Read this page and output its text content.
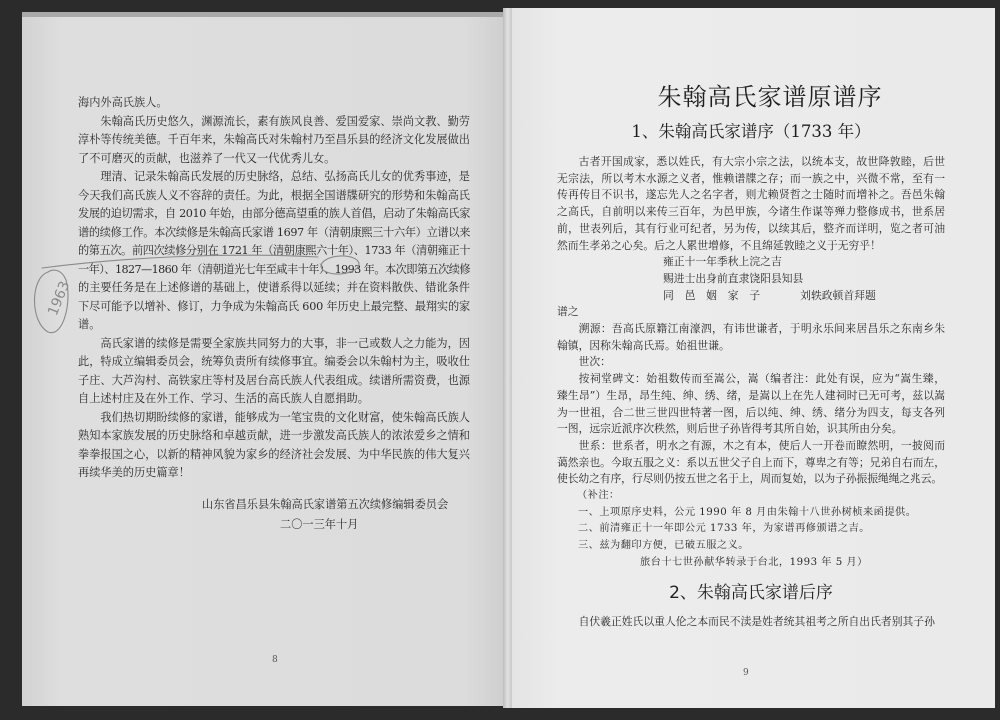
海内外高氏族人。
朱翰高氏历史悠久，渊源流长，素有族风良善、爱国爱家、崇尚文教、勤劳
淳朴等传统美德。千百年来，朱翰高氏对朱翰村乃至昌乐县的经济文化发展做出
了不可磨灭的贡献，也滋养了一代又一代优秀儿女。
理清、记录朱翰高氏发展的历史脉络，总结、弘扬高氏儿女的优秀事迹，是
今天我们高氏族人义不容辞的责任。为此，根据全国谱牒研究的形势和朱翰高氏
发展的迫切需求，自 2010 年始，由部分德高望重的族人首倡，启动了朱翰高氏家
谱的续修工作。本次续修是朱翰高氏家谱 1697 年（清朝康熙三十六年）立谱以来
的第五次。前四次续修分别在 1721 年（清朝康熙六十年）、1733 年（清朝雍正十
一年）、1827—1860 年（清朝道光七年至咸丰十年）、1993 年。本次即第五次续修
的主要任务是在上述修谱的基础上，使谱系得以延续；并在资料散佚、错讹条件
下尽可能予以增补、修订，力争成为朱翰高氏 600 年历史上最完整、最翔实的家
谱。
高氏家谱的续修是需要全家族共同努力的大事，非一己或数人之力能为，因
此，特成立编辑委员会，统筹负责所有续修事宜。编委会以朱翰村为主，吸收仕
子庄、大芦沟村、高铁家庄等村及居台高氏族人代表组成。续谱所需资费，也源
自上述村庄及在外工作、学习、生活的高氏族人自愿捐助。
我们热切期盼续修的家谱，能够成为一笔宝贵的文化财富，使朱翰高氏族人
熟知本家族发展的历史脉络和卓越贡献，进一步激发高氏族人的浓浓爱乡之情和
拳拳报国之心，以新的精神风貌为家乡的经济社会发展、为中华民族的伟大复兴
再续华美的历史篇章！
山东省昌乐县朱翰高氏家谱第五次续修编辑委员会
二〇一三年十月
8
朱翰高氏家谱原谱序
1、朱翰高氏家谱序（1733 年）
古者开国成家，悉以姓氏，有大宗小宗之法，以统本支，故世降敦睦，后世
无宗法，所以考木水源之义者，惟赖谱牒之存；而一族之中，兴微不常，至有一
传再传目不识书，遂忘先人之名字者，则尤赖贤哲之士随时而增补之。吾邑朱翰
之高氏，自前明以来传三百年，为邑甲族，今诸生作谋等殚力整修成书，世系居
前，世表列后，其有行业可纪者，另为传，以续其后，整齐而详明，览之者可油
然而生孝弟之心矣。后之人累世增修，不且绵延敦睦之义于无穷乎！
雍正十一年季秋上浣之吉
赐进士出身前直隶饶阳县知县
同　邑　姻　家　子	刘轶政顿首拜题
谱之
溯源：吾高氏原籍江南濠泗，有讳世谦者，于明永乐间来居昌乐之东南乡朱
翰镇，因称朱翰高氏焉。始祖世谦。
世次：
按祠堂碑文：始祖数传而至嵩公，嵩（编者注：此处有误，应为“嵩生臻，
臻生昂”）生昂，昂生纯、绅、绣、绪，是嵩以上在先人建祠时已无可考，兹以嵩
为一世祖，合二世三世四世特著一图，后以纯、绅、绣、绪分为四支，每支各列
一图，远宗近派序次秩然，则后世子孙皆得考其所自始，识其所由分矣。
世系：世系者，明水之有源，木之有本，使后人一开卷而瞭然明，一披阅而
蔼然亲也。今取五服之义：系以五世父子自上而下，尊卑之有等；兄弟自右而左，
使长幼之有序，行尽则仍按五世之名于上，周而复始，以为子孙振振绳绳之兆云。
（补注：
一、上项原序史料，公元 1990 年 8 月由朱翰十八世孙树桢来函提供。
二、前清雍正十一年即公元 1733 年，为家谱再修颁谱之吉。
三、兹为翻印方便，已破五服之义。
旅台十七世孙献华转录于台北，1993 年 5 月）
2、朱翰高氏家谱后序
自伏羲正姓氏以重人伦之本而民不渎是姓者统其祖考之所自出氏者别其子孙
9
1963
